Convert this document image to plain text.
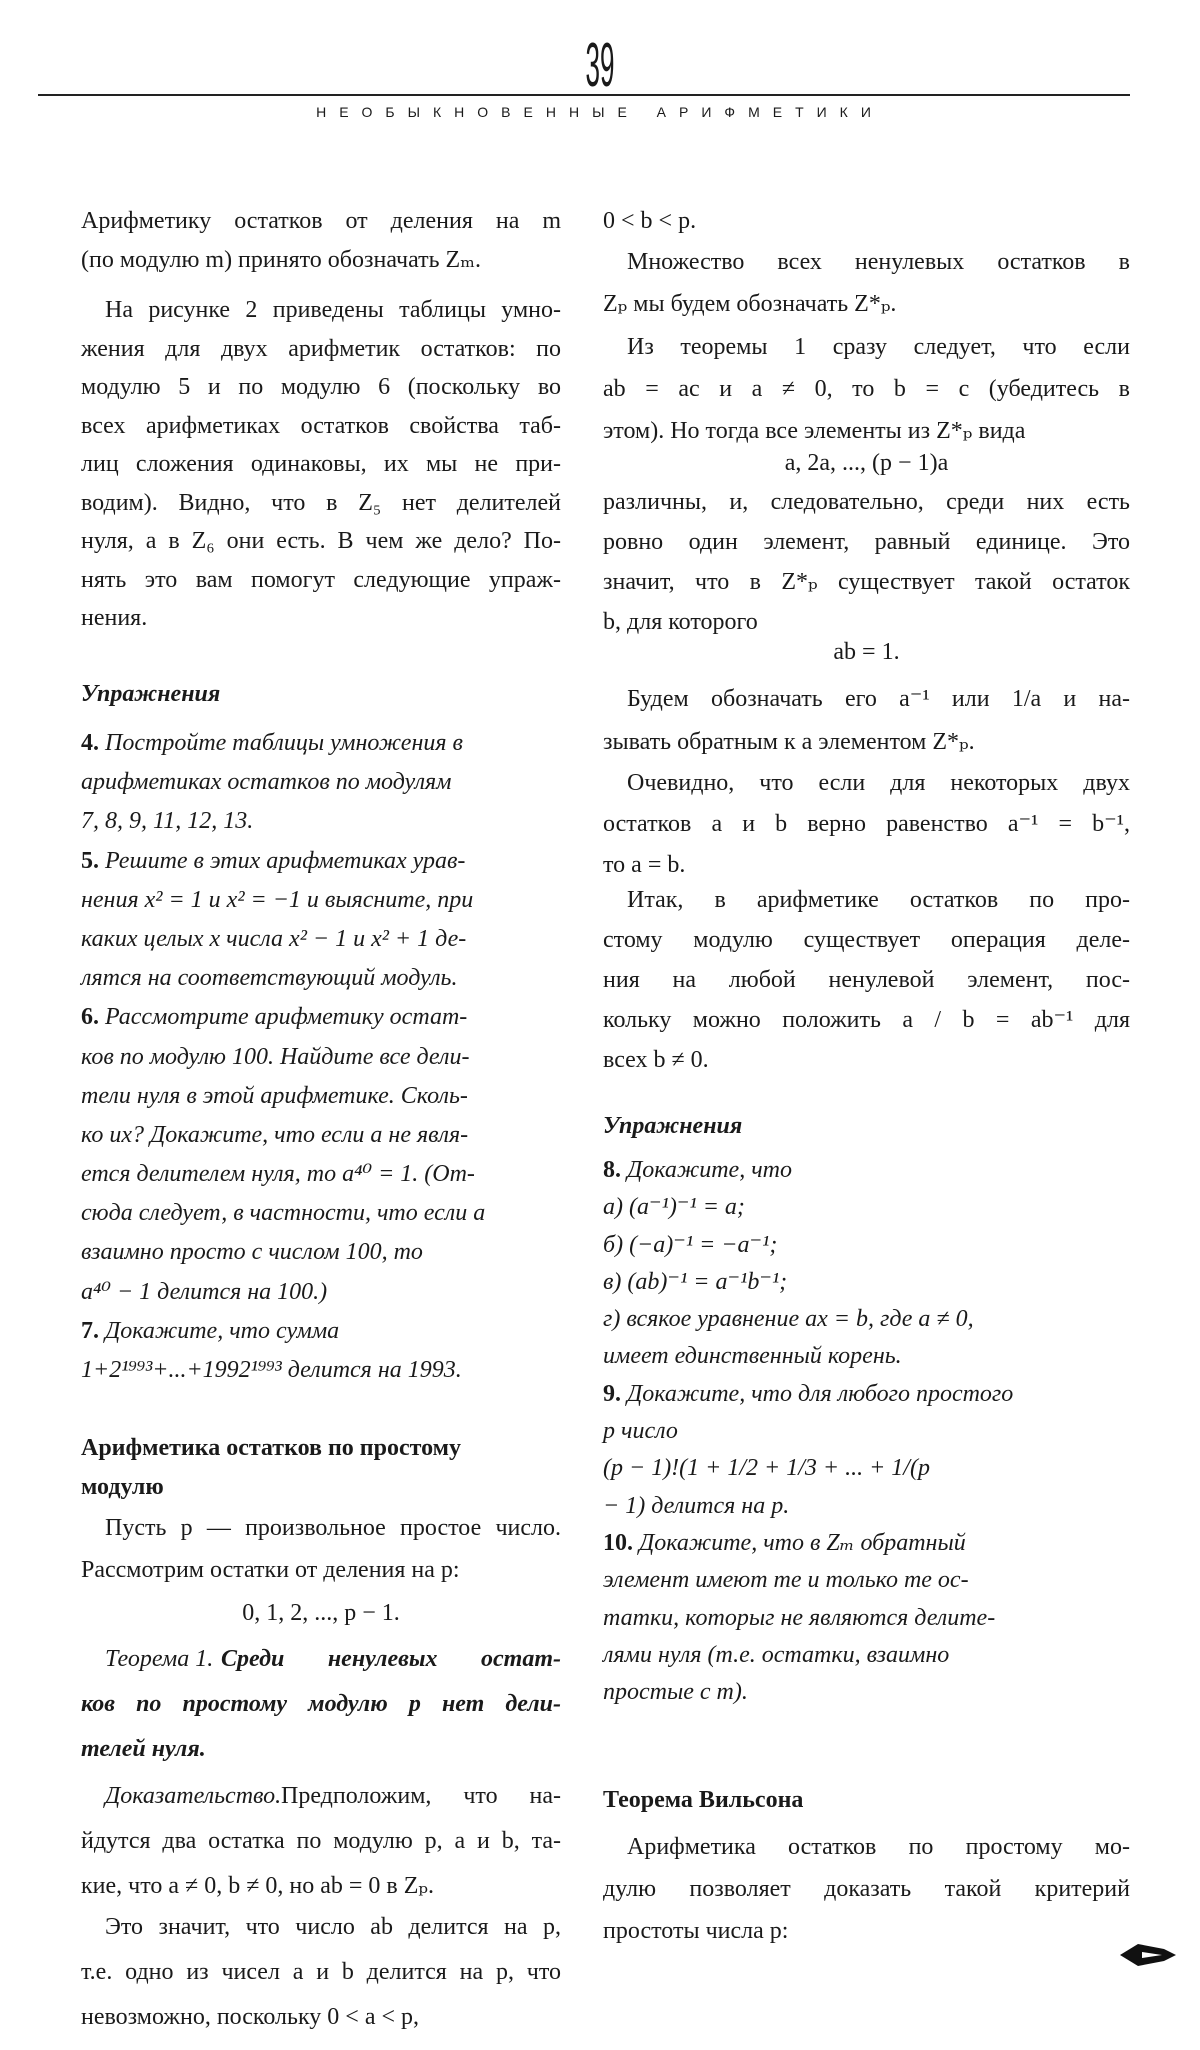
39
НЕОБЫКНОВЕННЫЕ АРИФМЕТИКИ
Арифметику остатков от деления на m
(по модулю m) принято обозначать Zₘ.
На рисунке 2 приведены таблицы умно-
жения для двух арифметик остатков: по
модулю 5 и по модулю 6 (поскольку во
всех арифметиках остатков свойства таб-
лиц сложения одинаковы, их мы не при-
водим). Видно, что в Z₅ нет делителей
нуля, а в Z₆ они есть. В чем же дело? По-
нять это вам помогут следующие упраж-
нения.
Упражнения
4. Постройте таблицы умножения в
арифметиках остатков по модулям
7, 8, 9, 11, 12, 13.
5. Решите в этих арифметиках урав-
нения x² = 1 и x² = −1 и выясните, при
каких целых x числа x² − 1 и x² + 1 де-
лятся на соответствующий модуль.
6. Рассмотрите арифметику остат-
ков по модулю 100. Найдите все дели-
тели нуля в этой арифметике. Сколь-
ко их? Докажите, что если a не явля-
ется делителем нуля, то a⁴⁰ = 1. (От-
сюда следует, в частности, что если a
взаимно просто с числом 100, то
a⁴⁰ − 1 делится на 100.)
7. Докажите, что сумма
1+2¹⁹⁹³+...+1992¹⁹⁹³ делится на 1993.
Арифметика остатков по простому
модулю
Пусть p — произвольное простое число.
Рассмотрим остатки от деления на p:
0, 1, 2, ..., p − 1.
Теорема 1. Среди ненулевых остат-
ков по простому модулю p нет дели-
телей нуля.
Доказательство. Предположим, что на-
йдутся два остатка по модулю p, a и b, та-
кие, что a ≠ 0, b ≠ 0, но ab = 0 в Zₚ.
Это значит, что число ab делится на p,
т.е. одно из чисел a и b делится на p, что
невозможно, поскольку 0 < a < p,
0 < b < p.
Множество всех ненулевых остатков в
Zₚ мы будем обозначать Z*ₚ.
Из теоремы 1 сразу следует, что если
ab = ac и a ≠ 0, то b = c (убедитесь в
этом). Но тогда все элементы из Z*ₚ вида
a, 2a, ..., (p − 1)a
различны, и, следовательно, среди них есть
ровно один элемент, равный единице. Это
значит, что в Z*ₚ существует такой остаток
b, для которого
ab = 1.
Будем обозначать его a⁻¹ или 1/a и на-
зывать обратным к a элементом Z*ₚ.
Очевидно, что если для некоторых двух
остатков a и b верно равенство a⁻¹ = b⁻¹,
то a = b.
Итак, в арифметике остатков по про-
стому модулю существует операция деле-
ния на любой ненулевой элемент, пос-
кольку можно положить a / b = ab⁻¹ для
всех b ≠ 0.
Упражнения
8. Докажите, что
а) (a⁻¹)⁻¹ = a;
б) (−a)⁻¹ = −a⁻¹;
в) (ab)⁻¹ = a⁻¹b⁻¹;
г) всякое уравнение ax = b, где a ≠ 0,
имеет единственный корень.
9. Докажите, что для любого простого
p число
(p − 1)!(1 + 1/2 + 1/3 + ... + 1/(p
− 1) делится на p.
10. Докажите, что в Zₘ обратный
элемент имеют те и только те ос-
татки, которыг не являются делите-
лями нуля (т.е. остатки, взаимно
простые с m).
Теорема Вильсона
Арифметика остатков по простому мо-
дулю позволяет доказать такой критерий
простоты числа p:
